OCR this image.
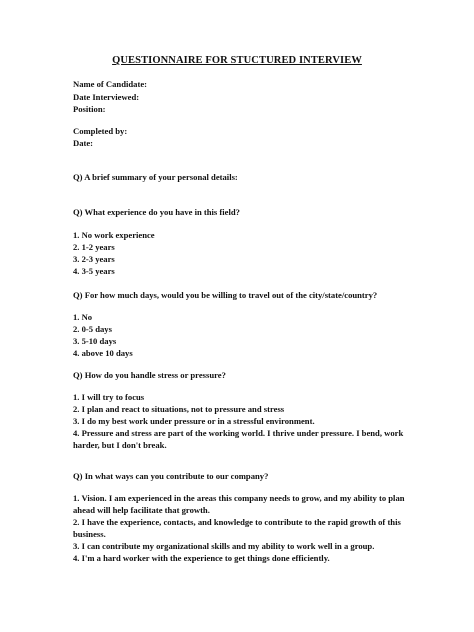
QUESTIONNAIRE FOR STUCTURED INTERVIEW
Name of Candidate:
Date Interviewed:
Position:
Completed by:
Date:
Q) A brief summary of your personal details:
Q) What experience do you have in this field?
1. No work experience
2. 1-2 years
3. 2-3 years
4. 3-5 years
Q) For how much days, would you be willing to travel out of the city/state/country?
1. No
2. 0-5 days
3. 5-10 days
4. above 10 days
Q) How do you handle stress or pressure?
1. I will try to focus
2. I plan and react to situations, not to pressure and stress
3. I do my best work under pressure or in a stressful environment.
4. Pressure and stress are part of the working world. I thrive under pressure. I bend, work harder, but I don't break.
Q) In what ways can you contribute to our company?
1. Vision. I am experienced in the areas this company needs to grow, and my ability to plan ahead will help facilitate that growth.
2. I have the experience, contacts, and knowledge to contribute to the rapid growth of this business.
3. I can contribute my organizational skills and my ability to work well in a group.
4. I'm a hard worker with the experience to get things done efficiently.
